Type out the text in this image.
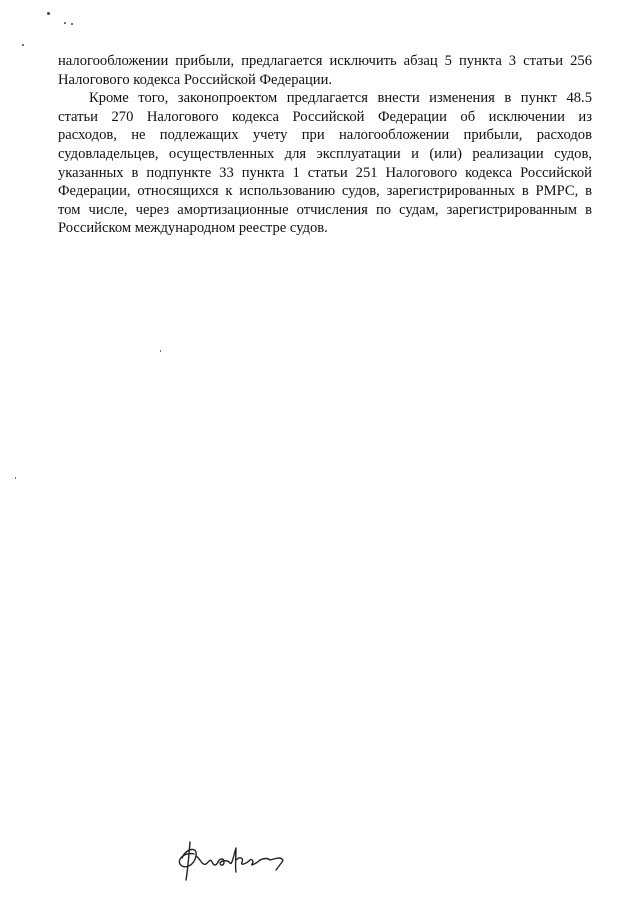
налогообложении прибыли, предлагается исключить абзац 5 пункта 3 статьи 256
Налогового кодекса Российской Федерации.
Кроме того, законопроектом предлагается внести изменения в пункт 48.5
статьи 270 Налогового кодекса Российской Федерации об исключении из
расходов, не подлежащих учету при налогообложении прибыли, расходов
судовладельцев, осуществленных для эксплуатации и (или) реализации судов,
указанных в подпункте 33 пункта 1 статьи 251 Налогового кодекса Российской
Федерации, относящихся к использованию судов, зарегистрированных в РМРС, в
том числе, через амортизационные отчисления по судам, зарегистрированным в
Российском международном реестре судов.
